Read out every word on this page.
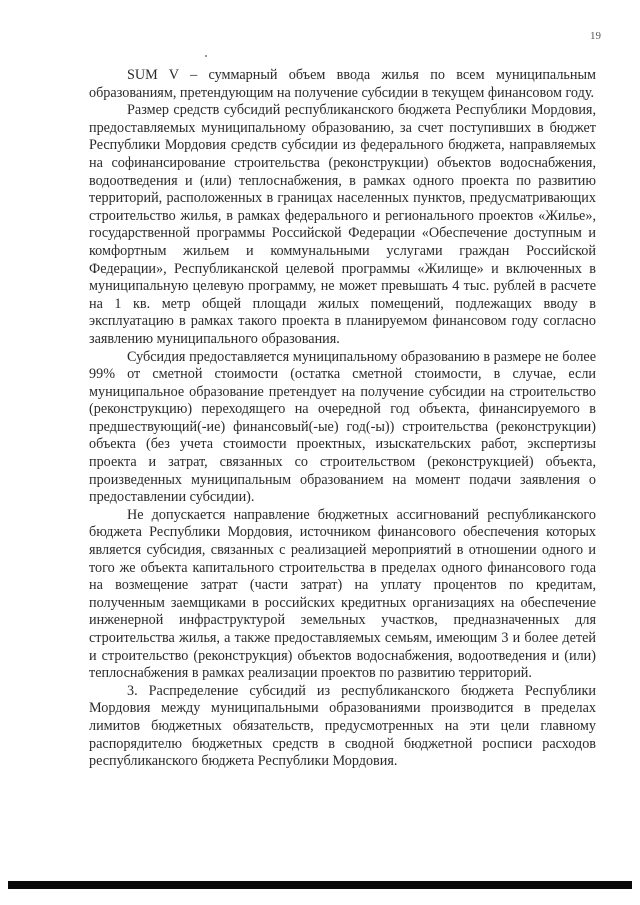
19

SUM V – суммарный объем ввода жилья по всем муниципальным образованиям, претендующим на получение субсидии в текущем финансовом году.

Размер средств субсидий республиканского бюджета Республики Мордовия, предоставляемых муниципальному образованию, за счет поступивших в бюджет Республики Мордовия средств субсидии из федерального бюджета, направляемых на софинансирование строительства (реконструкции) объектов водоснабжения, водоотведения и (или) теплоснабжения, в рамках одного проекта по развитию территорий, расположенных в границах населенных пунктов, предусматривающих строительство жилья, в рамках федерального и регионального проектов «Жилье», государственной программы Российской Федерации «Обеспечение доступным и комфортным жильем и коммунальными услугами граждан Российской Федерации», Республиканской целевой программы «Жилище» и включенных в муниципальную целевую программу, не может превышать 4 тыс. рублей в расчете на 1 кв. метр общей площади жилых помещений, подлежащих вводу в эксплуатацию в рамках такого проекта в планируемом финансовом году согласно заявлению муниципального образования.

Субсидия предоставляется муниципальному образованию в размере не более 99% от сметной стоимости (остатка сметной стоимости, в случае, если муниципальное образование претендует на получение субсидии на строительство (реконструкцию) переходящего на очередной год объекта, финансируемого в предшествующий(-ие) финансовый(-ые) год(-ы)) строительства (реконструкции) объекта (без учета стоимости проектных, изыскательских работ, экспертизы проекта и затрат, связанных со строительством (реконструкцией) объекта, произведенных муниципальным образованием на момент подачи заявления о предоставлении субсидии).

Не допускается направление бюджетных ассигнований республиканского бюджета Республики Мордовия, источником финансового обеспечения которых является субсидия, связанных с реализацией мероприятий в отношении одного и того же объекта капитального строительства в пределах одного финансового года на возмещение затрат (части затрат) на уплату процентов по кредитам, полученным заемщиками в российских кредитных организациях на обеспечение инженерной инфраструктурой земельных участков, предназначенных для строительства жилья, а также предоставляемых семьям, имеющим 3 и более детей и строительство (реконструкция) объектов водоснабжения, водоотведения и (или) теплоснабжения в рамках реализации проектов по развитию территорий.

3. Распределение субсидий из республиканского бюджета Республики Мордовия между муниципальными образованиями производится в пределах лимитов бюджетных обязательств, предусмотренных на эти цели главному распорядителю бюджетных средств в сводной бюджетной росписи расходов республиканского бюджета Республики Мордовия.
